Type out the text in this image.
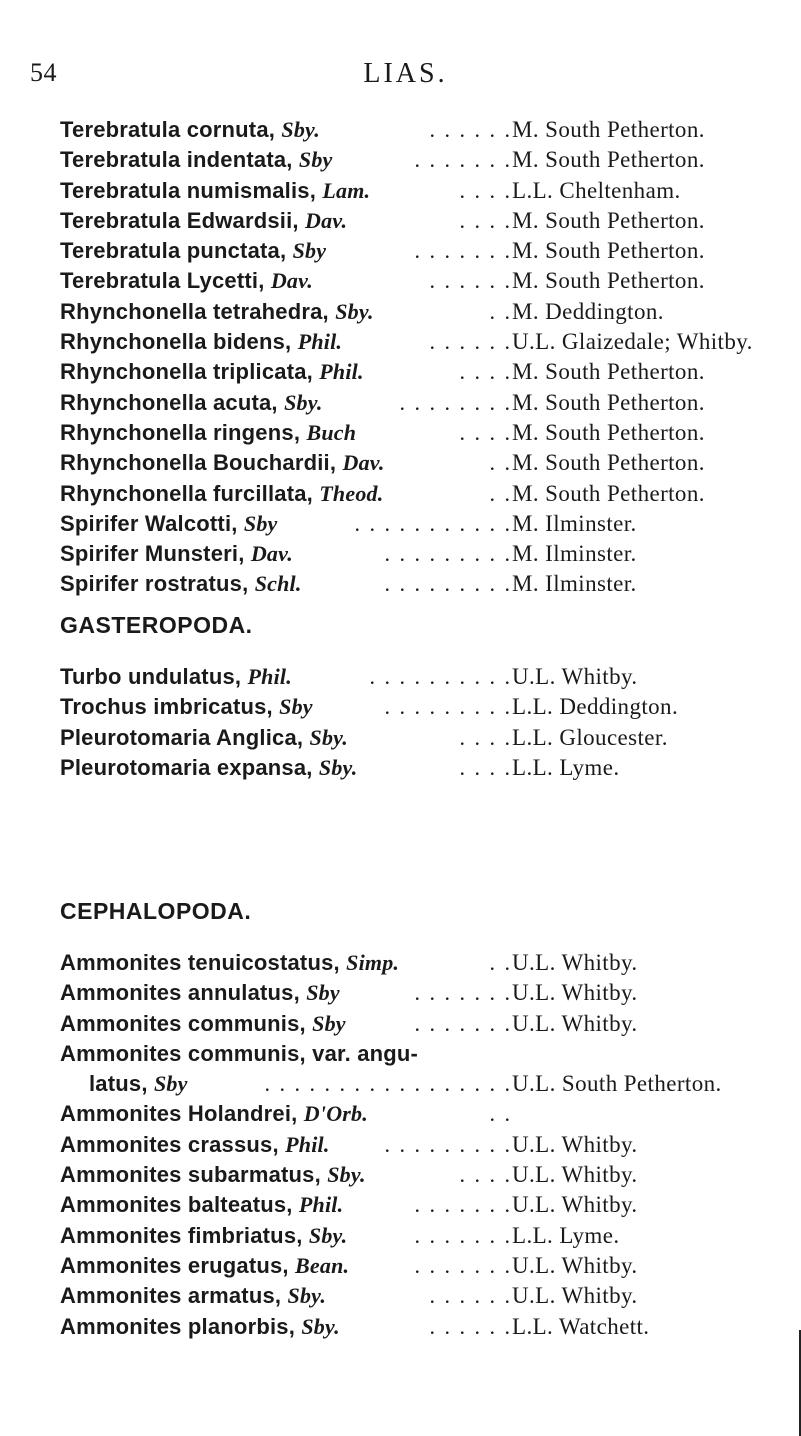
54	LIAS.
Terebratula cornuta, Sby.	. . . . . . M. South Petherton.
Terebratula indentata, Sby	. . . . . . . M. South Petherton.
Terebratula numismalis, Lam.	. . . . L.L. Cheltenham.
Terebratula Edwardsii, Dav.	. . . . M. South Petherton.
Terebratula punctata, Sby	. . . . . . . M. South Petherton.
Terebratula Lycetti, Dav.	. . . . . . M. South Petherton.
Rhynchonella tetrahedra, Sby.	. . M. Deddington.
Rhynchonella bidens, Phil.	. . . . . . U.L. Glaizedale; Whitby.
Rhynchonella triplicata, Phil.	. . . . M. South Petherton.
Rhynchonella acuta, Sby.	. . . . . . . . M. South Petherton.
Rhynchonella ringens, Buch	. . . . M. South Petherton.
Rhynchonella Bouchardii, Dav.	. . M. South Petherton.
Rhynchonella furcillata, Theod.	. . M. South Petherton.
Spirifer Walcotti, Sby	. . . . . . . . . . . M. Ilminster.
Spirifer Munsteri, Dav.	. . . . . . . . . M. Ilminster.
Spirifer rostratus, Schl.	. . . . . . . . . M. Ilminster.
GASTEROPODA.
Turbo undulatus, Phil.	. . . . . . . . . . U.L. Whitby.
Trochus imbricatus, Sby	. . . . . . . . . L.L. Deddington.
Pleurotomaria Anglica, Sby.	. . . . L.L. Gloucester.
Pleurotomaria expansa, Sby.	. . . . L.L. Lyme.
CEPHALOPODA.
Ammonites tenuicostatus, Simp.	. . U.L. Whitby.
Ammonites annulatus, Sby	. . . . . . . U.L. Whitby.
Ammonites communis, Sby	. . . . . . . U.L. Whitby.
Ammonites communis, var. angu-
latus, Sby	. . . . . . . . . . . . . . . . . U.L. South Petherton.
Ammonites Holandrei, D'Orb.	. .
Ammonites crassus, Phil. . . . . . . . . . U.L. Whitby.
Ammonites subarmatus, Sby.	. . . . U.L. Whitby.
Ammonites balteatus, Phil.	. . . . . . . U.L. Whitby.
Ammonites fimbriatus, Sby.	. . . . . . . L.L. Lyme.
Ammonites erugatus, Bean.	. . . . . . . U.L. Whitby.
Ammonites armatus, Sby.	. . . . . . U.L. Whitby.
Ammonites planorbis, Sby.	. . . . . . L.L. Watchett.
